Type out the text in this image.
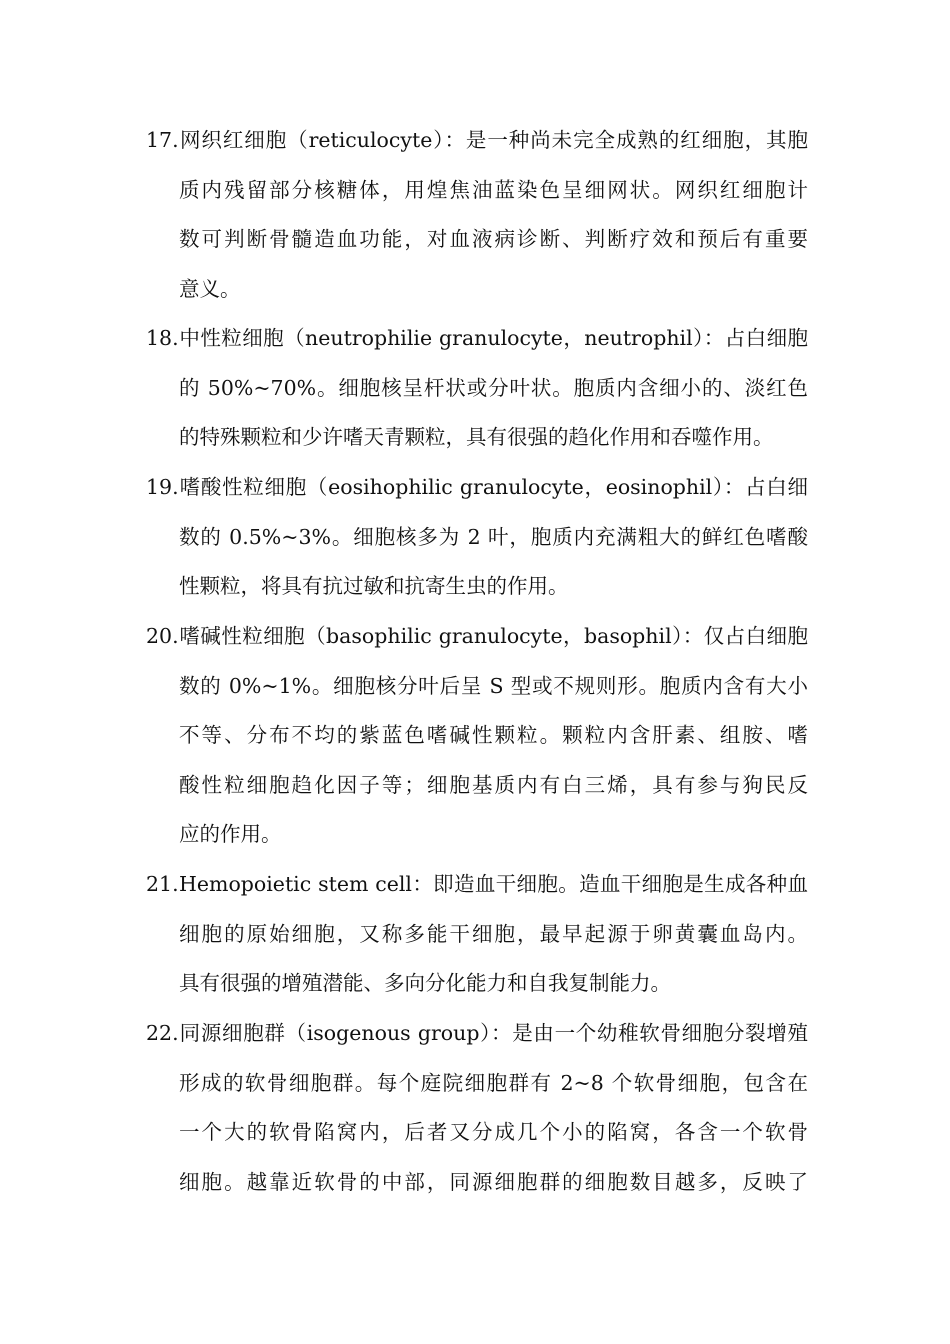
17.网织红细胞（reticulocyte）：是一种尚未完全成熟的红细胞，其胞
质内残留部分核糖体，用煌焦油蓝染色呈细网状。网织红细胞计
数可判断骨髓造血功能，对血液病诊断、判断疗效和预后有重要
意义。
18.中性粒细胞（neutrophilie granulocyte，neutrophil）：占白细胞
的 50%~70%。细胞核呈杆状或分叶状。胞质内含细小的、淡红色
的特殊颗粒和少许嗜天青颗粒，具有很强的趋化作用和吞噬作用。
19.嗜酸性粒细胞（eosihophilic granulocyte，eosinophil）：占白细
数的 0.5%~3%。细胞核多为 2 叶，胞质内充满粗大的鲜红色嗜酸
性颗粒，将具有抗过敏和抗寄生虫的作用。
20.嗜碱性粒细胞（basophilic granulocyte，basophil）：仅占白细胞
数的 0%~1%。细胞核分叶后呈 S 型或不规则形。胞质内含有大小
不等、分布不均的紫蓝色嗜碱性颗粒。颗粒内含肝素、组胺、嗜
酸性粒细胞趋化因子等；细胞基质内有白三烯，具有参与狗民反
应的作用。
21.Hemopoietic stem cell：即造血干细胞。造血干细胞是生成各种血
细胞的原始细胞，又称多能干细胞，最早起源于卵黄囊血岛内。
具有很强的增殖潜能、多向分化能力和自我复制能力。
22.同源细胞群（isogenous group）：是由一个幼稚软骨细胞分裂增殖
形成的软骨细胞群。每个庭院细胞群有 2~8 个软骨细胞，包含在
一个大的软骨陷窝内，后者又分成几个小的陷窝，各含一个软骨
细胞。越靠近软骨的中部，同源细胞群的细胞数目越多，反映了
